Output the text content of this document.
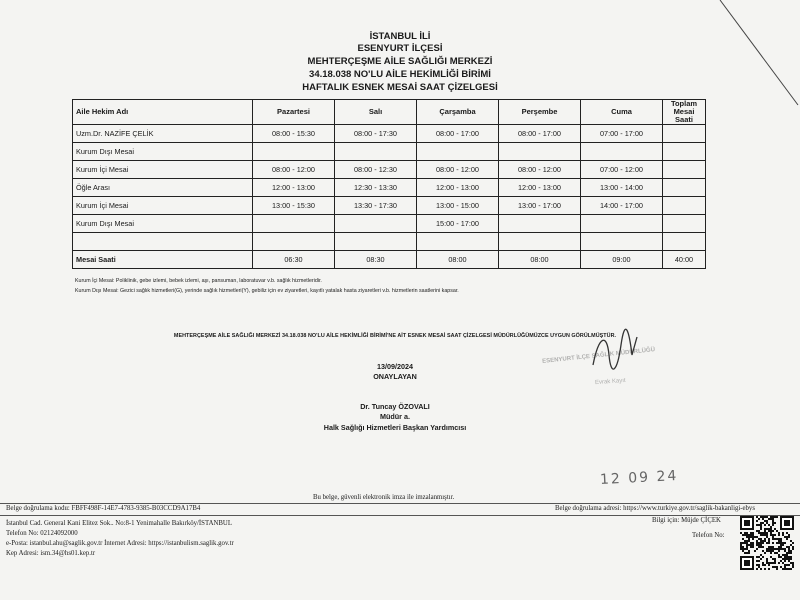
İSTANBUL İLİ
ESENYURT İLÇESİ
MEHTERÇEŞME AİLE SAĞLIĞI MERKEZİ
34.18.038 NO'LU AİLE HEKİMLİĞİ BİRİMİ
HAFTALIK ESNEK MESAİ SAAT ÇİZELGESİ
Aile Hekim Adı	Pazartesi	Salı	Çarşamba	Perşembe	Cuma	Toplam Mesai Saati
Uzm.Dr. NAZİFE ÇELİK	08:00 - 15:30	08:00 - 17:30	08:00 - 17:00	08:00 - 17:00	07:00 - 17:00	
Kurum Dışı Mesai						
Kurum İçi Mesai	08:00 - 12:00	08:00 - 12:30	08:00 - 12:00	08:00 - 12:00	07:00 - 12:00	
Öğle Arası	12:00 - 13:00	12:30 - 13:30	12:00 - 13:00	12:00 - 13:00	13:00 - 14:00	
Kurum İçi Mesai	13:00 - 15:30	13:30 - 17:30	13:00 - 15:00	13:00 - 17:00	14:00 - 17:00	
Kurum Dışı Mesai			15:00 - 17:00			

Mesai Saati	06:30	08:30	08:00	08:00	09:00	40:00
Kurum İçi Mesai: Poliklinik, gebe izlemi, bebek izlemi, aşı, pansuman, laboratuvar v.b. sağlık hizmetleridir.
Kurum Dışı Mesai: Gezici sağlık hizmetleri(G), yerinde sağlık hizmetleri(Y), gebiliz için ev ziyaretleri, kayıtlı yatalak hasta ziyaretleri v.b. hizmetlerin saatlerini kapsar.
MEHTERÇEŞME AİLE SAĞLIĞI MERKEZİ 34.18.038 NO'LU AİLE HEKİMLİĞİ BİRİMİ'NE AİT ESNEK MESAİ SAAT ÇİZELGESİ MÜDÜRLÜĞÜMÜZCE UYGUN GÖRÜLMÜŞTÜR.
13/09/2024
ONAYLAYAN
Dr. Tuncay ÖZOVALI
Müdür a.
Halk Sağlığı Hizmetleri Başkan Yardımcısı
ESENYURT İLÇE SAĞLIK MÜDÜRLÜĞÜ
Evrak Kayıt
12 09 24
Bu belge, güvenli elektronik imza ile imzalanmıştır.
Belge doğrulama kodu: FBFF498F-14E7-4783-9385-B03CCD9A17B4	Belge doğrulama adresi: https://www.turkiye.gov.tr/saglik-bakanligi-ebys
İstanbul Cad. General Kani Elitez Sok.. No:8-1 Yenimahalle Bakırköy/İSTANBUL
Telefon No: 02124092000
e-Posta: istanbul.ahu@saglik.gov.tr İnternet Adresi: https://istanbulism.saglik.gov.tr
Kep Adresi: ism.34@hs01.kep.tr
Bilgi için: Müjde ÇİÇEK
Telefon No:
